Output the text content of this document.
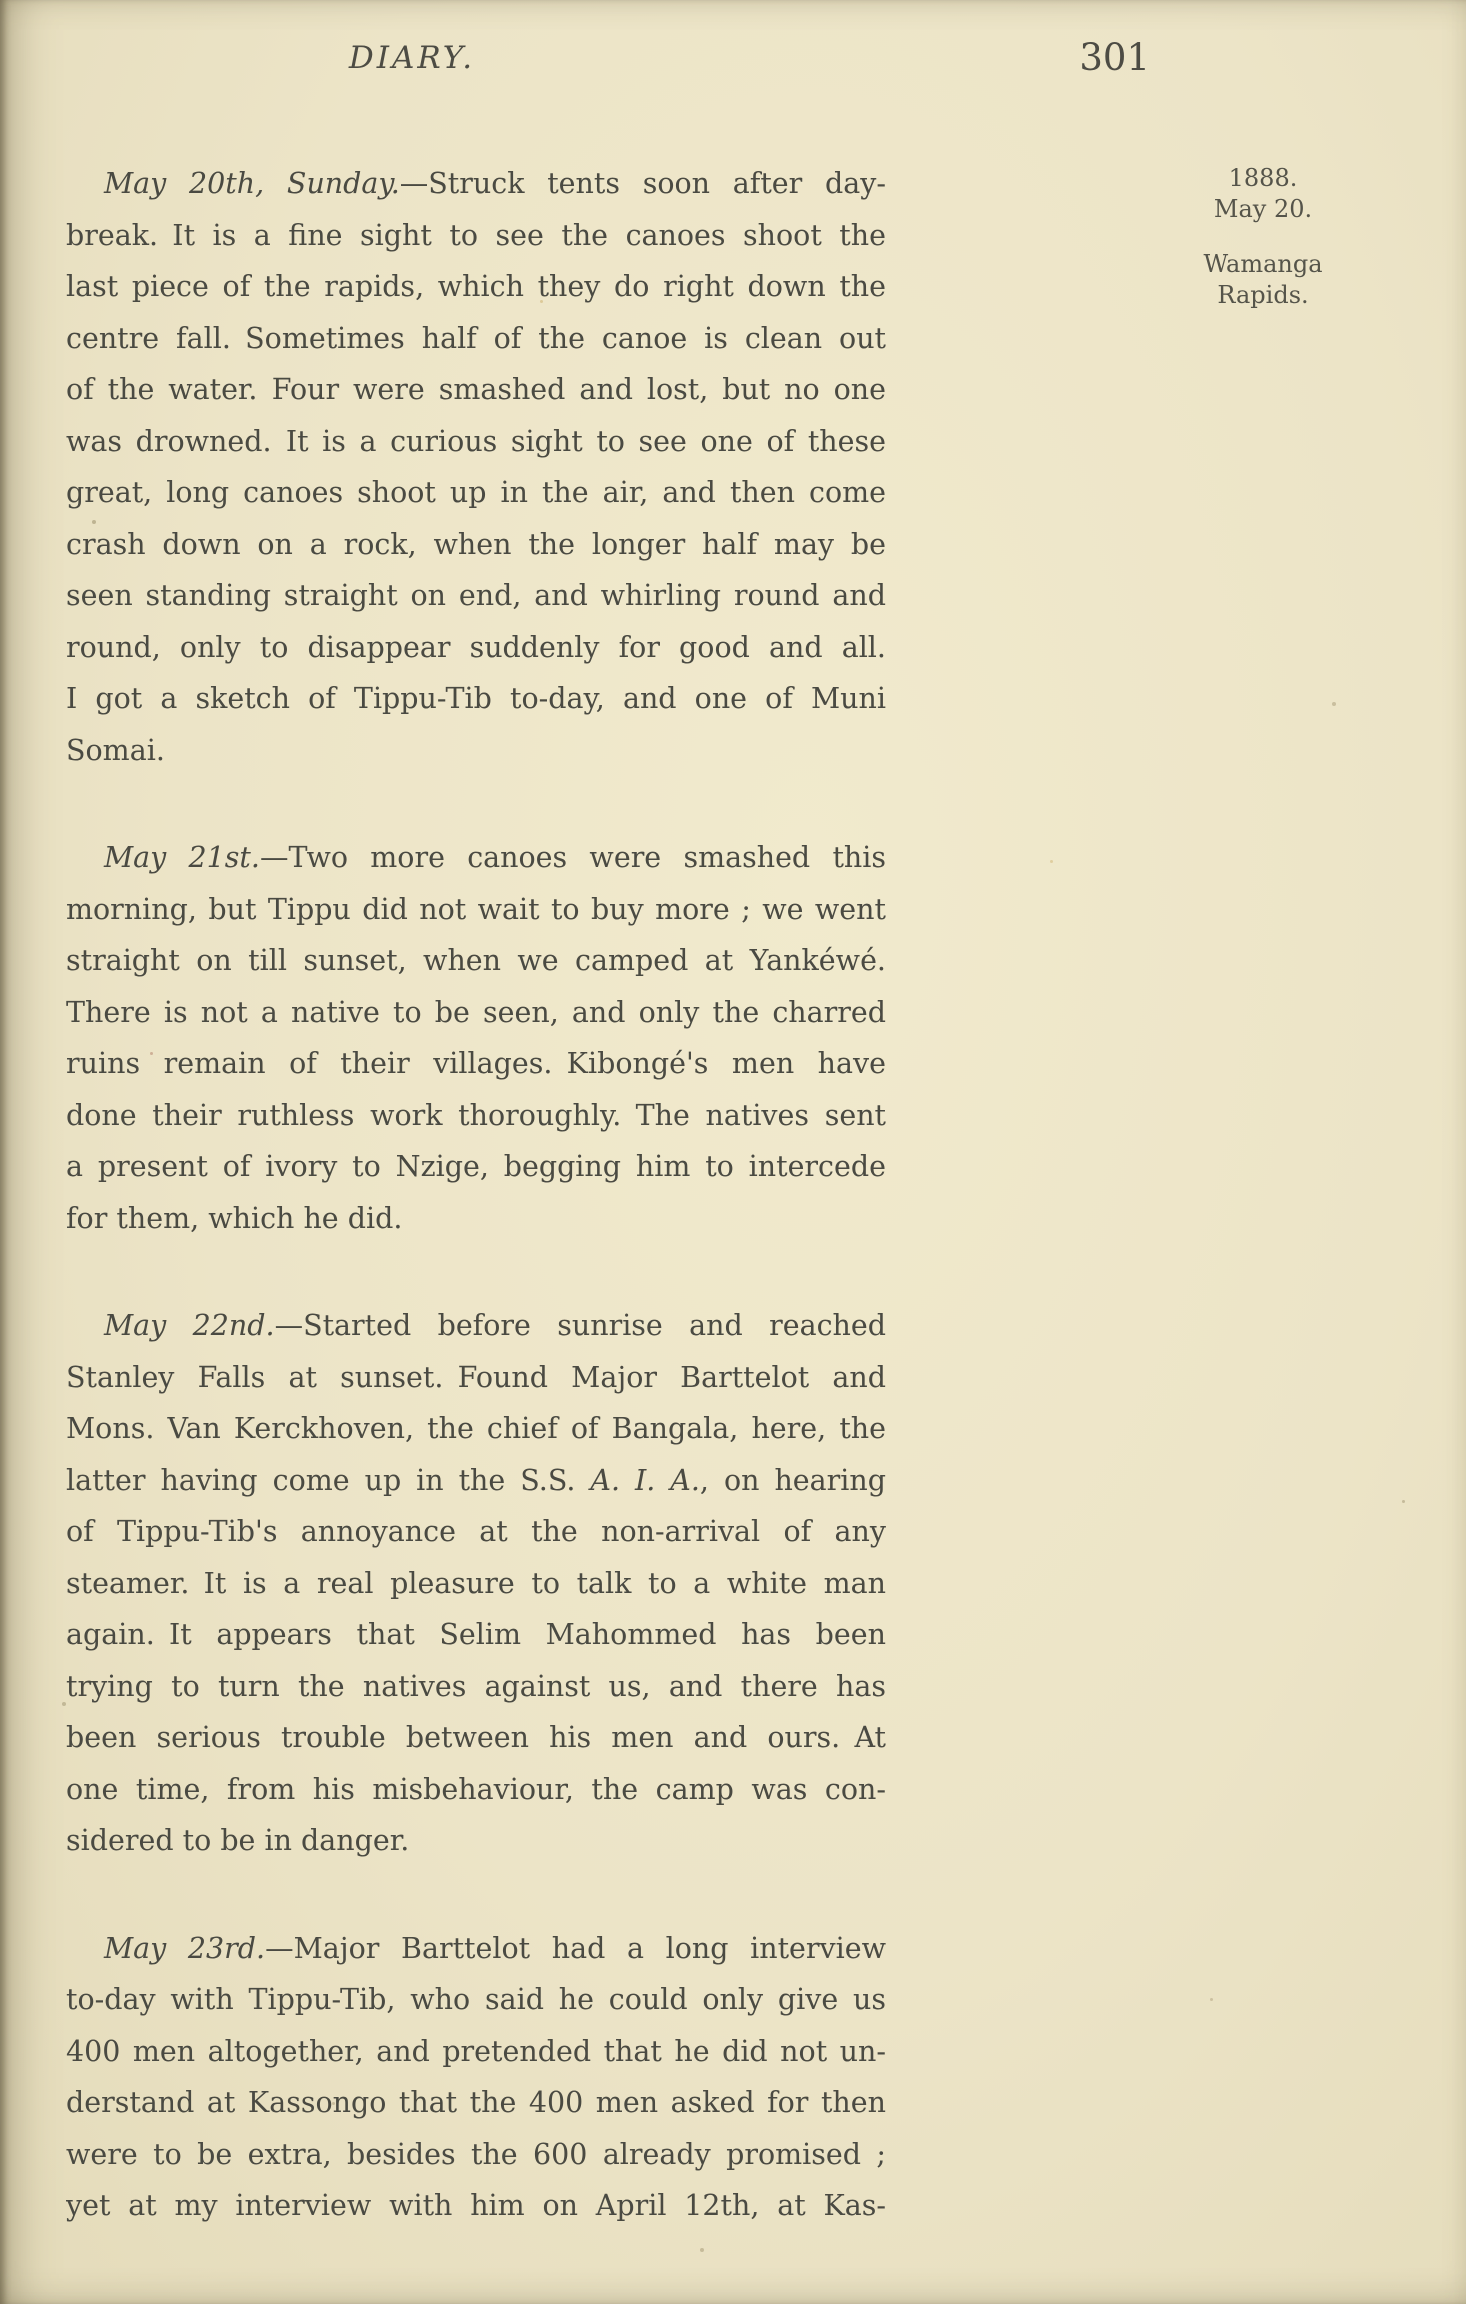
DIARY.	301
May 20th, Sunday.—Struck tents soon after day-
break. It is a fine sight to see the canoes shoot the
last piece of the rapids, which they do right down the
centre fall. Sometimes half of the canoe is clean out
of the water. Four were smashed and lost, but no one
was drowned. It is a curious sight to see one of these
great, long canoes shoot up in the air, and then come
crash down on a rock, when the longer half may be
seen standing straight on end, and whirling round and
round, only to disappear suddenly for good and all.
I got a sketch of Tippu-Tib to-day, and one of Muni
Somai.
May 21st.—Two more canoes were smashed this
morning, but Tippu did not wait to buy more ; we went
straight on till sunset, when we camped at Yankéwé.
There is not a native to be seen, and only the charred
ruins remain of their villages. Kibongé's men have
done their ruthless work thoroughly. The natives sent
a present of ivory to Nzige, begging him to intercede
for them, which he did.
May 22nd.—Started before sunrise and reached
Stanley Falls at sunset. Found Major Barttelot and
Mons. Van Kerckhoven, the chief of Bangala, here, the
latter having come up in the S.S. A. I. A., on hearing
of Tippu-Tib's annoyance at the non-arrival of any
steamer. It is a real pleasure to talk to a white man
again. It appears that Selim Mahommed has been
trying to turn the natives against us, and there has
been serious trouble between his men and ours. At
one time, from his misbehaviour, the camp was con-
sidered to be in danger.
May 23rd.—Major Barttelot had a long interview
to-day with Tippu-Tib, who said he could only give us
400 men altogether, and pretended that he did not un-
derstand at Kassongo that the 400 men asked for then
were to be extra, besides the 600 already promised ;
yet at my interview with him on April 12th, at Kas-
1888.
May 20.
Wamanga
Rapids.
